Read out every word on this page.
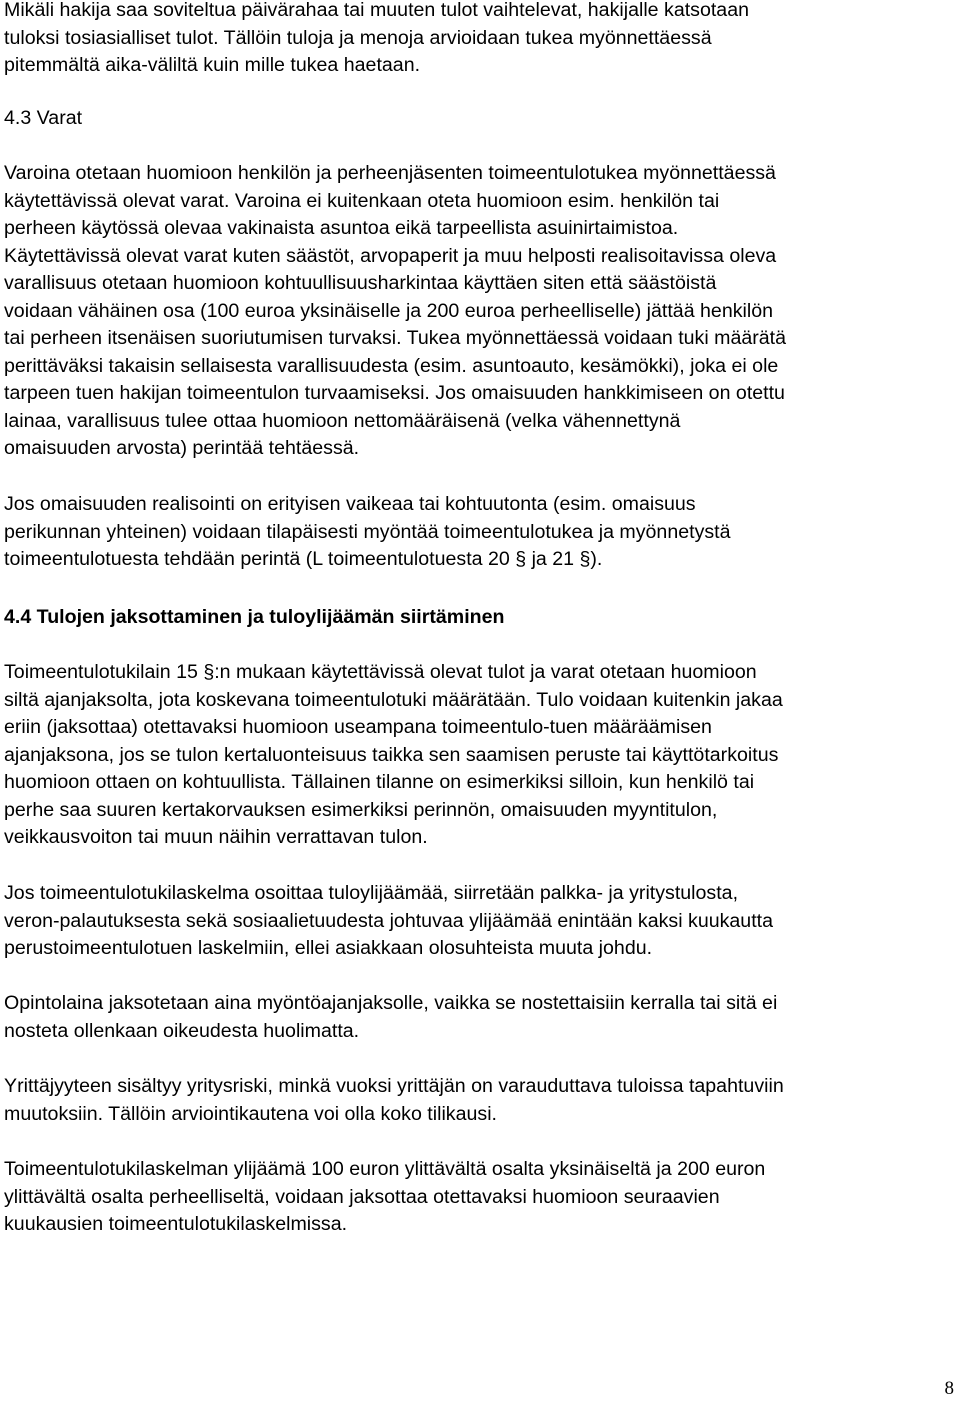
Mikäli hakija saa soviteltua päivärahaa tai muuten tulot vaihtelevat, hakijalle katsotaan
tuloksi tosiasialliset tulot. Tällöin tuloja ja menoja arvioidaan tukea myönnettäessä
pitemmältä aika-väliltä kuin mille tukea haetaan.
4.3 Varat
Varoina otetaan huomioon henkilön ja perheenjäsenten toimeentulotukea myönnettäessä
käytettävissä olevat varat. Varoina ei kuitenkaan oteta huomioon esim. henkilön tai
perheen käytössä olevaa vakinaista asuntoa eikä tarpeellista asuinirtaimistoa.
Käytettävissä olevat varat kuten säästöt, arvopaperit ja muu helposti realisoitavissa oleva
varallisuus otetaan huomioon kohtuullisuusharkintaa käyttäen siten että säästöistä
voidaan vähäinen osa (100 euroa yksinäiselle ja 200 euroa perheelliselle) jättää henkilön
tai perheen itsenäisen suoriutumisen turvaksi. Tukea myönnettäessä voidaan tuki määrätä
perittäväksi takaisin sellaisesta varallisuudesta (esim. asuntoauto, kesämökki), joka ei ole
tarpeen tuen hakijan toimeentulon turvaamiseksi. Jos omaisuuden hankkimiseen on otettu
lainaa, varallisuus tulee ottaa huomioon nettomääräisenä (velka vähennettynä
omaisuuden arvosta) perintää tehtäessä.
Jos omaisuuden realisointi on erityisen vaikeaa tai kohtuutonta (esim. omaisuus
perikunnan yhteinen) voidaan tilapäisesti myöntää toimeentulotukea ja myönnetystä
toimeentulotuesta tehdään perintä (L toimeentulotuesta 20 § ja 21 §).
4.4 Tulojen jaksottaminen ja tuloylijäämän siirtäminen
Toimeentulotukilain 15 §:n mukaan käytettävissä olevat tulot ja varat otetaan huomioon
siltä ajanjaksolta, jota koskevana toimeentulotuki määrätään. Tulo voidaan kuitenkin jakaa
eriin (jaksottaa) otettavaksi huomioon useampana toimeentulo-tuen määräämisen
ajanjaksona, jos se tulon kertaluonteisuus taikka sen saamisen peruste tai käyttötarkoitus
huomioon ottaen on kohtuullista. Tällainen tilanne on esimerkiksi silloin, kun henkilö tai
perhe saa suuren kertakorvauksen esimerkiksi perinnön, omaisuuden myyntitulon,
veikkausvoiton tai muun näihin verrattavan tulon.
Jos toimeentulotukilaskelma osoittaa tuloylijäämää, siirretään palkka- ja yritystulosta,
veron-palautuksesta sekä sosiaalietuudesta johtuvaa ylijäämää enintään kaksi kuukautta
perustoimeentulotuen laskelmiin, ellei asiakkaan olosuhteista muuta johdu.
Opintolaina jaksotetaan aina myöntöajanjaksolle, vaikka se nostettaisiin kerralla tai sitä ei
nosteta ollenkaan oikeudesta huolimatta.
Yrittäjyyteen sisältyy yritysriski, minkä vuoksi yrittäjän on varauduttava tuloissa tapahtuviin
muutoksiin. Tällöin arviointikautena voi olla koko tilikausi.
Toimeentulotukilaskelman ylijäämä 100 euron ylittävältä osalta yksinäiseltä ja 200 euron
ylittävältä osalta perheelliseltä, voidaan jaksottaa otettavaksi huomioon seuraavien
kuukausien toimeentulotukilaskelmissa.
8
